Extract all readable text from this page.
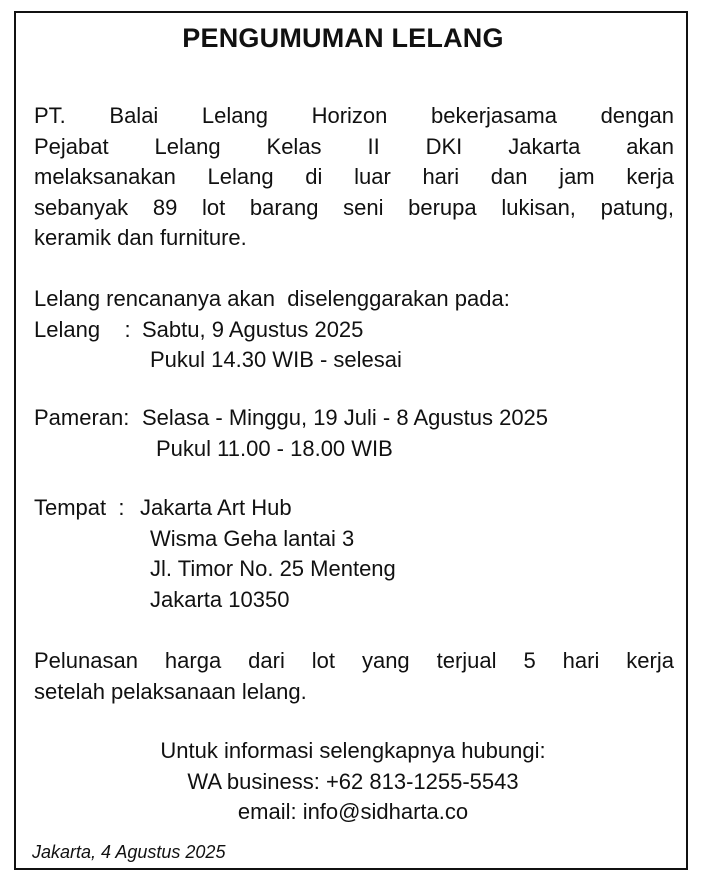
PENGUMUMAN LELANG
PT. Balai Lelang Horizon bekerjasama dengan
Pejabat Lelang Kelas II DKI Jakarta akan
melaksanakan Lelang di luar hari dan jam kerja
sebanyak 89 lot barang seni berupa lukisan, patung,
keramik dan furniture.
Lelang rencananya akan  diselenggarakan pada:
Lelang    : Sabtu, 9 Agustus 2025
Pukul 14.30 WIB - selesai
Pameran: Selasa - Minggu, 19 Juli - 8 Agustus 2025
Pukul 11.00 - 18.00 WIB
Tempat  : Jakarta Art Hub
Wisma Geha lantai 3
Jl. Timor No. 25 Menteng
Jakarta 10350
Pelunasan harga dari lot yang terjual 5 hari kerja
setelah pelaksanaan lelang.
Untuk informasi selengkapnya hubungi:
WA business: +62 813-1255-5543
email: info@sidharta.co
Jakarta, 4 Agustus 2025
